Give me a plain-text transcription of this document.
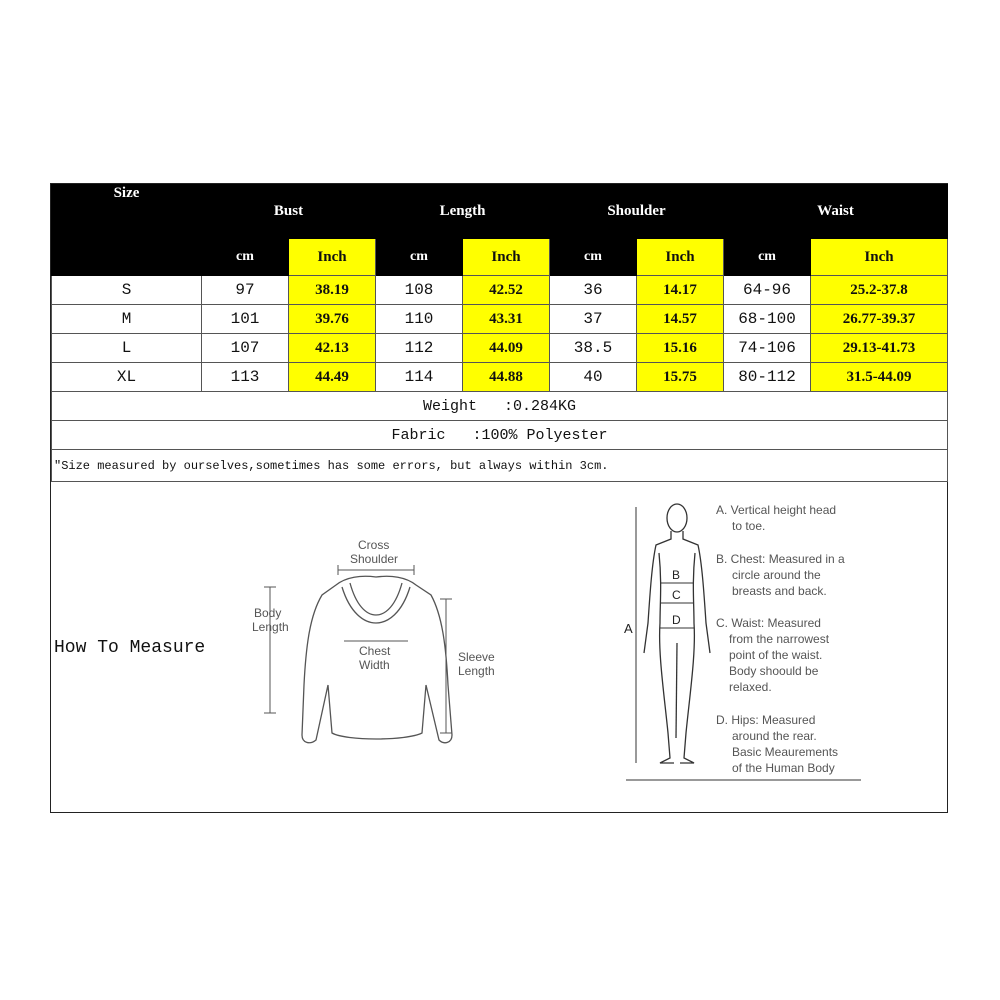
Size	Bust		Length		Shoulder		Waist	
	cm	Inch	cm	Inch	cm	Inch	cm	Inch
S	97	38.19	108	42.52	36	14.17	64-96	25.2-37.8
M	101	39.76	110	43.31	37	14.57	68-100	26.77-39.37
L	107	42.13	112	44.09	38.5	15.16	74-106	29.13-41.73
XL	113	44.49	114	44.88	40	15.75	80-112	31.5-44.09
Weight   :0.284KG								
Fabric   :100% Polyester								
"Size measured by ourselves,sometimes has some errors, but always within 3cm.								
How To Measure
Cross
Shoulder
Body
Length
Chest
Width
Sleeve
Length
A
B
C
D
A. Vertical height head
to toe.
B. Chest: Measured in a
circle around the
breasts and back.
C. Waist: Measured
from the narrowest
point of the waist.
Body shoould be
relaxed.
D. Hips: Measured
around the rear.
Basic Meaurements
of the Human Body
